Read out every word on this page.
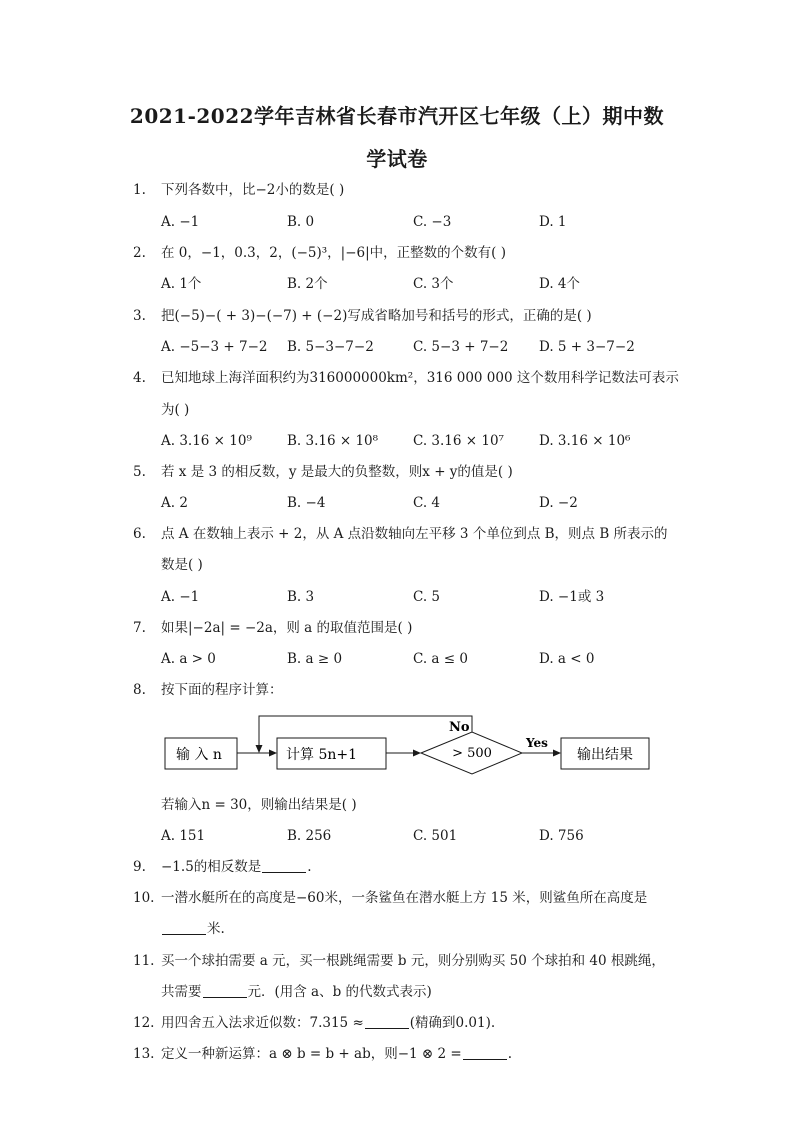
2021-2022学年吉林省长春市汽开区七年级（上）期中数
学试卷
1. 下列各数中，比−2小的数是( )
A. −1	B. 0	C. −3	D. 1
2. 在 0，−1，0.3，2，(−5)³，|−6|中，正整数的个数有( )
A. 1个	B. 2个	C. 3个	D. 4个
3. 把(−5)−( + 3)−(−7) + (−2)写成省略加号和括号的形式，正确的是( )
A. −5−3 + 7−2 B. 5−3−7−2	C. 5−3 + 7−2 D. 5 + 3−7−2
4. 已知地球上海洋面积约为316000000km²，316 000 000 这个数用科学记数法可表示
为( )
A. 3.16 × 10⁹	B. 3.16 × 10⁸	C. 3.16 × 10⁷	D. 3.16 × 10⁶
5. 若 x 是 3 的相反数，y 是最大的负整数，则x + y的值是( )
A. 2	B. −4	C. 4	D. −2
6. 点 A 在数轴上表示 + 2，从 A 点沿数轴向左平移 3 个单位到点 B，则点 B 所表示的
数是( )
A. −1	B. 3	C. 5	D. −1或 3
7. 如果|−2a| = −2a，则 a 的取值范围是( )
A. a > 0	B. a ≥ 0	C. a ≤ 0	D. a < 0
8. 按下面的程序计算：
输 入 n	计算 5n+1	> 500	输出结果
No
Yes
若输入n = 30，则输出结果是( )
A. 151	B. 256	C. 501	D. 756
9. −1.5的相反数是	.
10. 一潜水艇所在的高度是−60米，一条鲨鱼在潜水艇上方 15 米，则鲨鱼所在高度是
米.
11. 买一个球拍需要 a 元，买一根跳绳需要 b 元，则分别购买 50 个球拍和 40 根跳绳，
共需要	元．(用含 a、b 的代数式表示)
12. 用四舍五入法求近似数：7.315 ≈	(精确到0.01).
13. 定义一种新运算：a ⊗ b = b + ab，则−1 ⊗ 2 =	.
